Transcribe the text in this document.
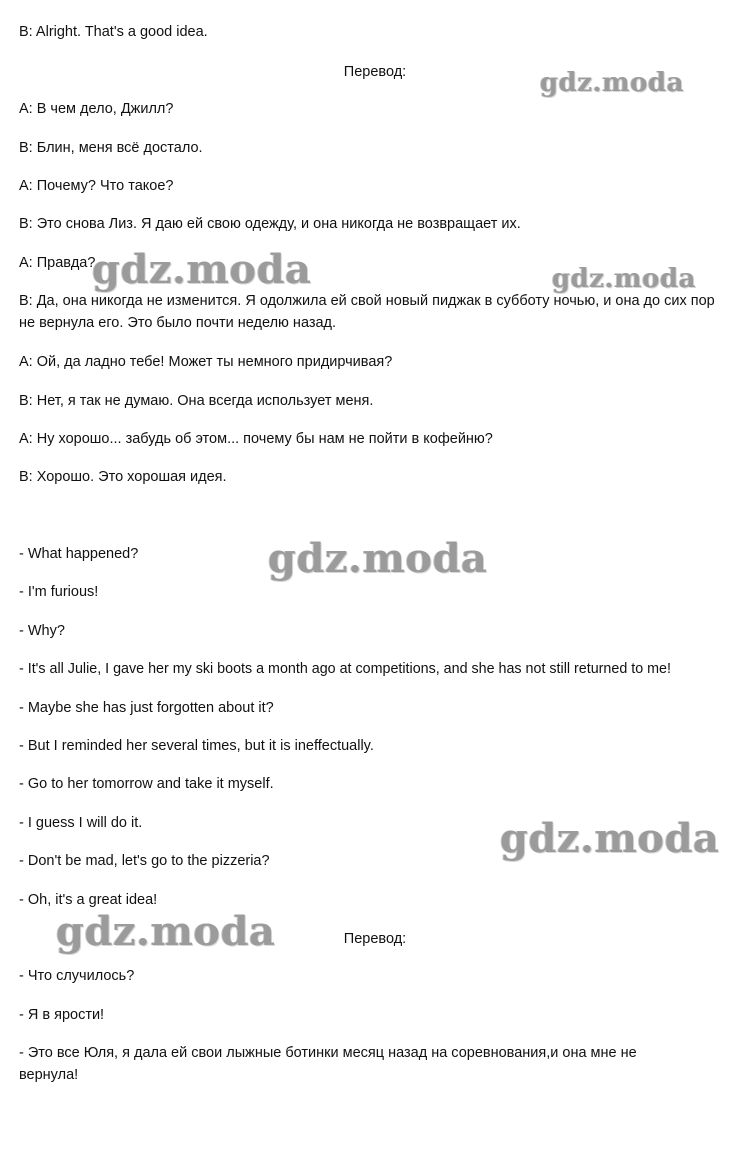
B: Alright. That's a good idea.
Перевод:
A: В чем дело, Джилл?
B: Блин, меня всё достало.
A: Почему? Что такое?
B: Это снова Лиз. Я даю ей свою одежду, и она никогда не возвращает их.
A: Правда?
B: Да, она никогда не изменится. Я одолжила ей свой новый пиджак в субботу ночью, и она до сих пор не вернула его. Это было почти неделю назад.
A: Ой, да ладно тебе! Может ты немного придирчивая?
B: Нет, я так не думаю. Она всегда использует меня.
A: Ну хорошо... забудь об этом... почему бы нам не пойти в кофейню?
B: Хорошо. Это хорошая идея.
- What happened?
- I'm furious!
- Why?
- It's all Julie, I gave her my ski boots a month ago at competitions, and she has not still returned to me!
- Maybe she has just forgotten about it?
- But I reminded her several times, but it is ineffectually.
- Go to her tomorrow and take it myself.
- I guess I will do it.
- Don't be mad, let's go to the pizzeria?
- Oh, it's a great idea!
Перевод:
- Что случилось?
- Я в ярости!
- Это все Юля, я дала ей свои лыжные ботинки месяц назад на соревнования,и она мне не вернула!
gdz.moda
gdz.moda	gdz.moda
gdz.moda
gdz.moda
gdz.moda
